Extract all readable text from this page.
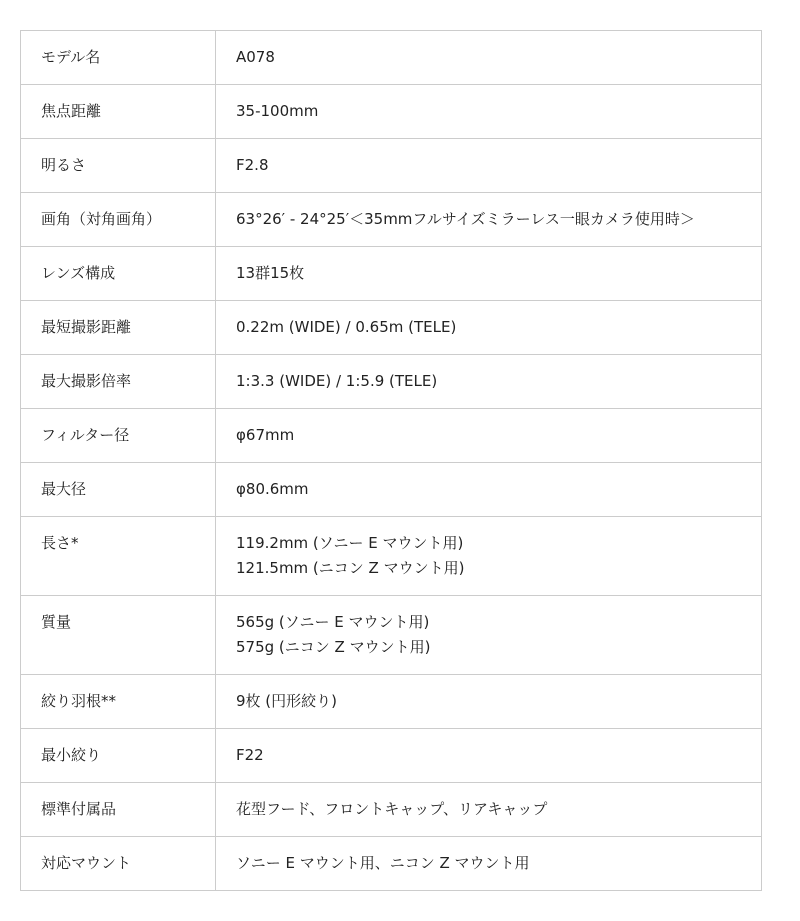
モデル名	A078

焦点距離	35-100mm

明るさ	F2.8

画角（対角画角）	63°26′ - 24°25′＜35mmフルサイズミラーレス一眼カメラ使用時＞

レンズ構成	13群15枚

最短撮影距離	0.22m (WIDE) / 0.65m (TELE)

最大撮影倍率	1:3.3 (WIDE) / 1:5.9 (TELE)

フィルター径	φ67mm

最大径	φ80.6mm

長さ*	119.2mm (ソニー E マウント用)
121.5mm (ニコン Z マウント用)

質量	565g (ソニー E マウント用)
575g (ニコン Z マウント用)

絞り羽根**	9枚 (円形絞り)

最小絞り	F22

標準付属品	花型フード、フロントキャップ、リアキャップ

対応マウント	ソニー E マウント用、ニコン Z マウント用
